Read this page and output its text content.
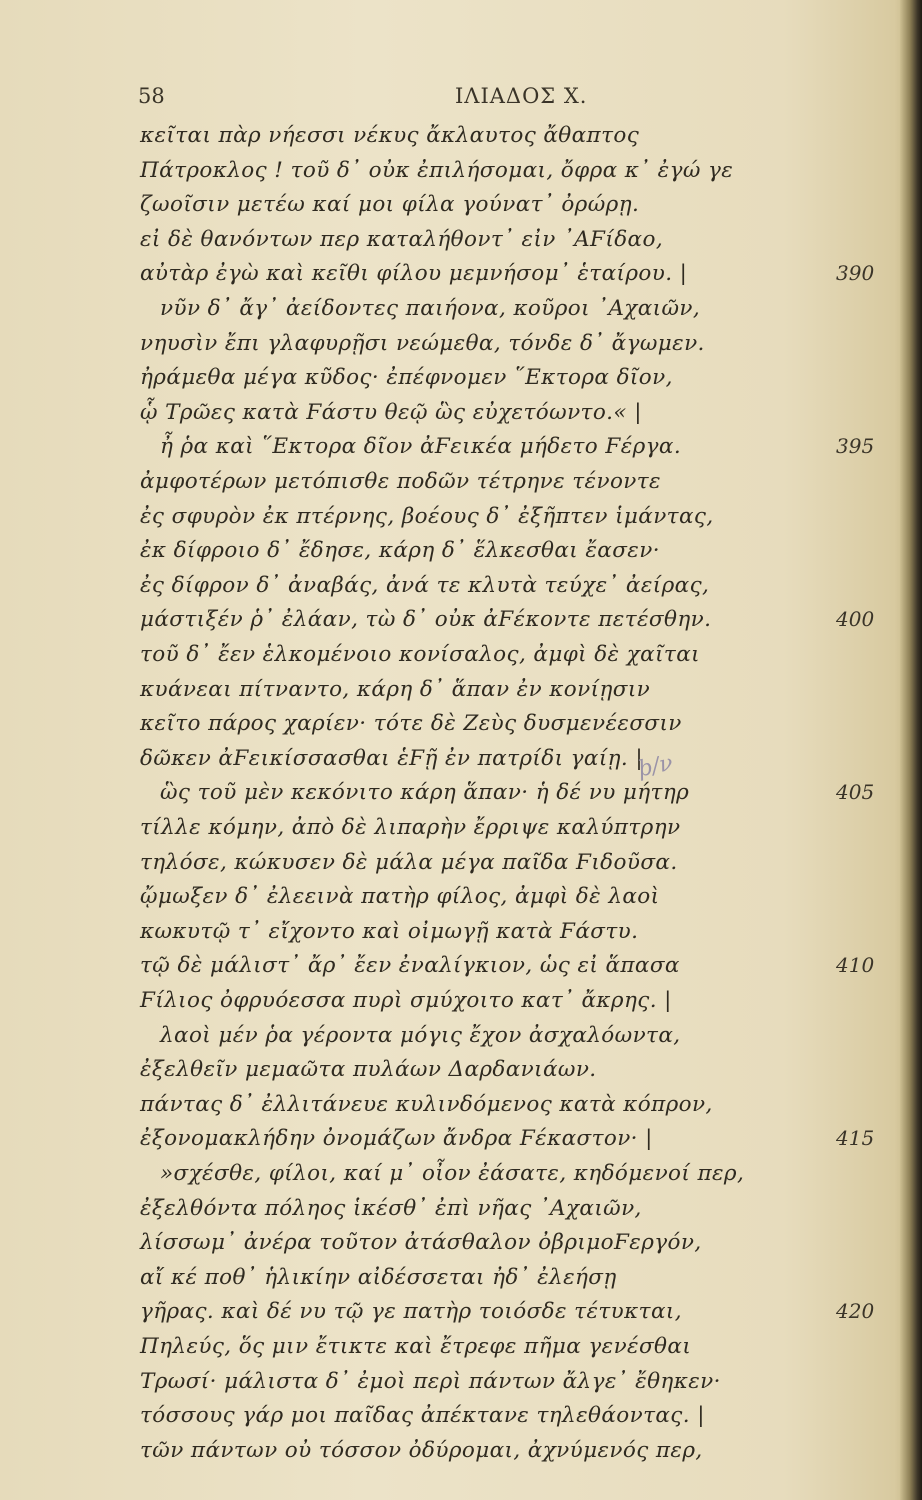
58	ΙΛΙΑΔΟΣ Χ.
κεῖται πὰρ νήεσσι νέκυς ἄκλαυτος ἄθαπτος
Πάτροκλος ! τοῦ δ᾽ οὐκ ἐπιλήσομαι, ὄφρα κ᾽ ἐγώ γε
ζωοῖσιν μετέω καί μοι φίλα γούνατ᾽ ὀρώρῃ.
εἰ δὲ θανόντων περ καταλήθοντ᾽ εἰν ᾿ΑϜίδαο,
αὐτὰρ ἐγὼ καὶ κεῖθι φίλου μεμνήσομ᾽ ἑταίρου. |	390
νῦν δ᾽ ἄγ᾽ ἀείδοντες παιήονα, κοῦροι ᾿Αχαιῶν,
νηυσὶν ἔπι γλαφυρῇσι νεώμεθα, τόνδε δ᾽ ἄγωμεν.
ἠράμεθα μέγα κῦδος· ἐπέφνομεν ῞Εκτορα δῖον,
ᾧ Τρῶες κατὰ Ϝάστυ θεῷ ὣς εὐχετόωντο.« |
ἦ ῥα καὶ ῞Εκτορα δῖον ἀϜεικέα μήδετο Ϝέργα.	395
ἀμφοτέρων μετόπισθε ποδῶν τέτρηνε τένοντε
ἐς σφυρὸν ἐκ πτέρνης, βοέους δ᾽ ἐξῆπτεν ἱμάντας,
ἐκ δίφροιο δ᾽ ἔδησε, κάρη δ᾽ ἕλκεσθαι ἔασεν·
ἐς δίφρον δ᾽ ἀναβάς, ἀνά τε κλυτὰ τεύχε᾽ ἀείρας,
μάστιξέν ῥ᾽ ἐλάαν, τὼ δ᾽ οὐκ ἀϜέκοντε πετέσθην.	400
τοῦ δ᾽ ἔεν ἑλκομένοιο κονίσαλος, ἀμφὶ δὲ χαῖται
κυάνεαι πίτναντο, κάρη δ᾽ ἅπαν ἐν κονίῃσιν
κεῖτο πάρος χαρίεν· τότε δὲ Ζεὺς δυσμενέεσσιν
δῶκεν ἀϜεικίσσασθαι ἑϜῇ ἐν πατρίδι γαίῃ. |
ὣς τοῦ μὲν κεκόνιτο κάρη ἅπαν· ἡ δέ νυ μήτηρ	405
τίλλε κόμην, ἀπὸ δὲ λιπαρὴν ἔρριψε καλύπτρην
τηλόσε, κώκυσεν δὲ μάλα μέγα παῖδα Ϝιδοῦσα.
ᾤμωξεν δ᾽ ἐλεεινὰ πατὴρ φίλος, ἀμφὶ δὲ λαοὶ
κωκυτῷ τ᾽ εἴχοντο καὶ οἰμωγῇ κατὰ Ϝάστυ.
τῷ δὲ μάλιστ᾽ ἄρ᾽ ἔεν ἐναλίγκιον, ὡς εἰ ἅπασα	410
Ϝίλιος ὀφρυόεσσα πυρὶ σμύχοιτο κατ᾽ ἄκρης. |
λαοὶ μέν ῥα γέροντα μόγις ἔχον ἀσχαλόωντα,
ἐξελθεῖν μεμαῶτα πυλάων Δαρδανιάων.
πάντας δ᾽ ἐλλιτάνευε κυλινδόμενος κατὰ κόπρον,
ἐξονομακλήδην ὀνομάζων ἄνδρα Ϝέκαστον· |	415
»σχέσθε, φίλοι, καί μ᾽ οἶον ἐάσατε, κηδόμενοί περ,
ἐξελθόντα πόληος ἱκέσθ᾽ ἐπὶ νῆας ᾿Αχαιῶν,
λίσσωμ᾽ ἀνέρα τοῦτον ἀτάσθαλον ὀβριμοϜεργόν,
αἴ κέ ποθ᾽ ἡλικίην αἰδέσσεται ἠδ᾽ ἐλεήσῃ
γῆρας. καὶ δέ νυ τῷ γε πατὴρ τοιόσδε τέτυκται,	420
Πηλεύς, ὅς μιν ἔτικτε καὶ ἔτρεφε πῆμα γενέσθαι
Τρωσί· μάλιστα δ᾽ ἐμοὶ περὶ πάντων ἄλγε᾽ ἔθηκεν·
τόσσους γάρ μοι παῖδας ἀπέκτανε τηλεθάοντας. |
τῶν πάντων οὐ τόσσον ὀδύρομαι, ἀχνύμενός περ,
ϸ/ν
